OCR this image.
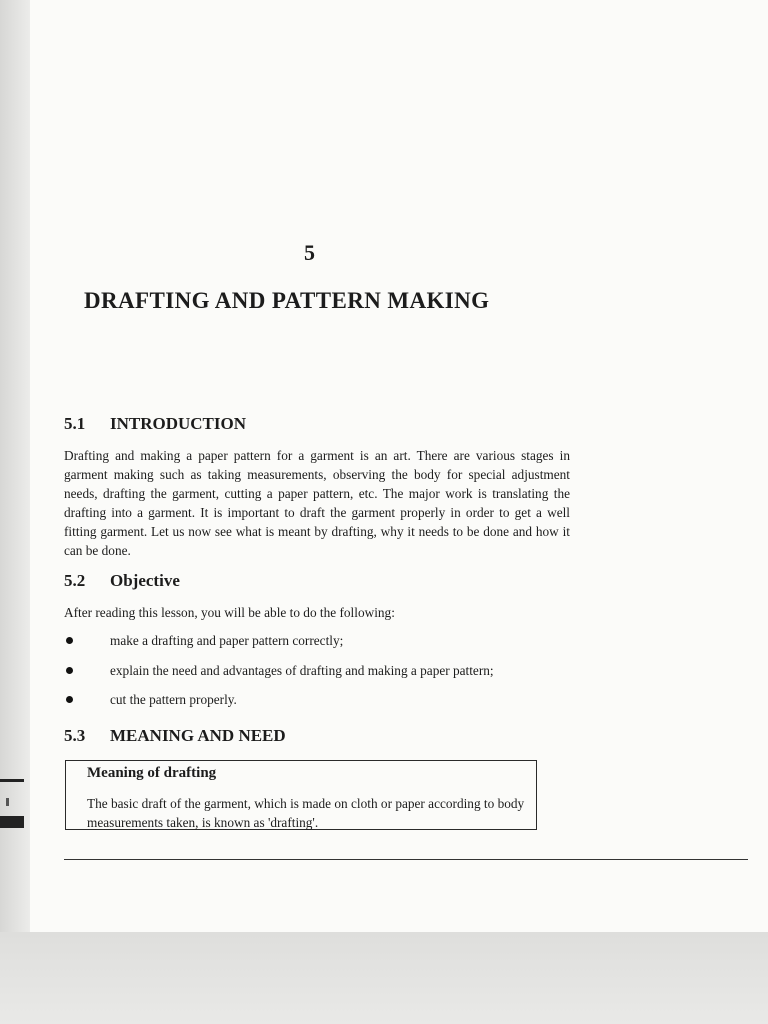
5
DRAFTING AND PATTERN MAKING
5.1 INTRODUCTION

Drafting and making a paper pattern for a garment is an art. There are various stages in garment making such as taking measurements, observing the body for special adjustment needs, drafting the garment, cutting a paper pattern, etc. The major work is translating the drafting into a garment. It is important to draft the garment properly in order to get a well fitting garment. Let us now see what is meant by drafting, why it needs to be done and how it can be done.

5.2 Objective

After reading this lesson, you will be able to do the following:

make a drafting and paper pattern correctly;
explain the need and advantages of drafting and making a paper pattern;
cut the pattern properly.
5.3 MEANING AND NEED
Meaning of drafting

The basic draft of the garment, which is made on cloth or paper according to body measurements taken, is known as 'drafting'.
